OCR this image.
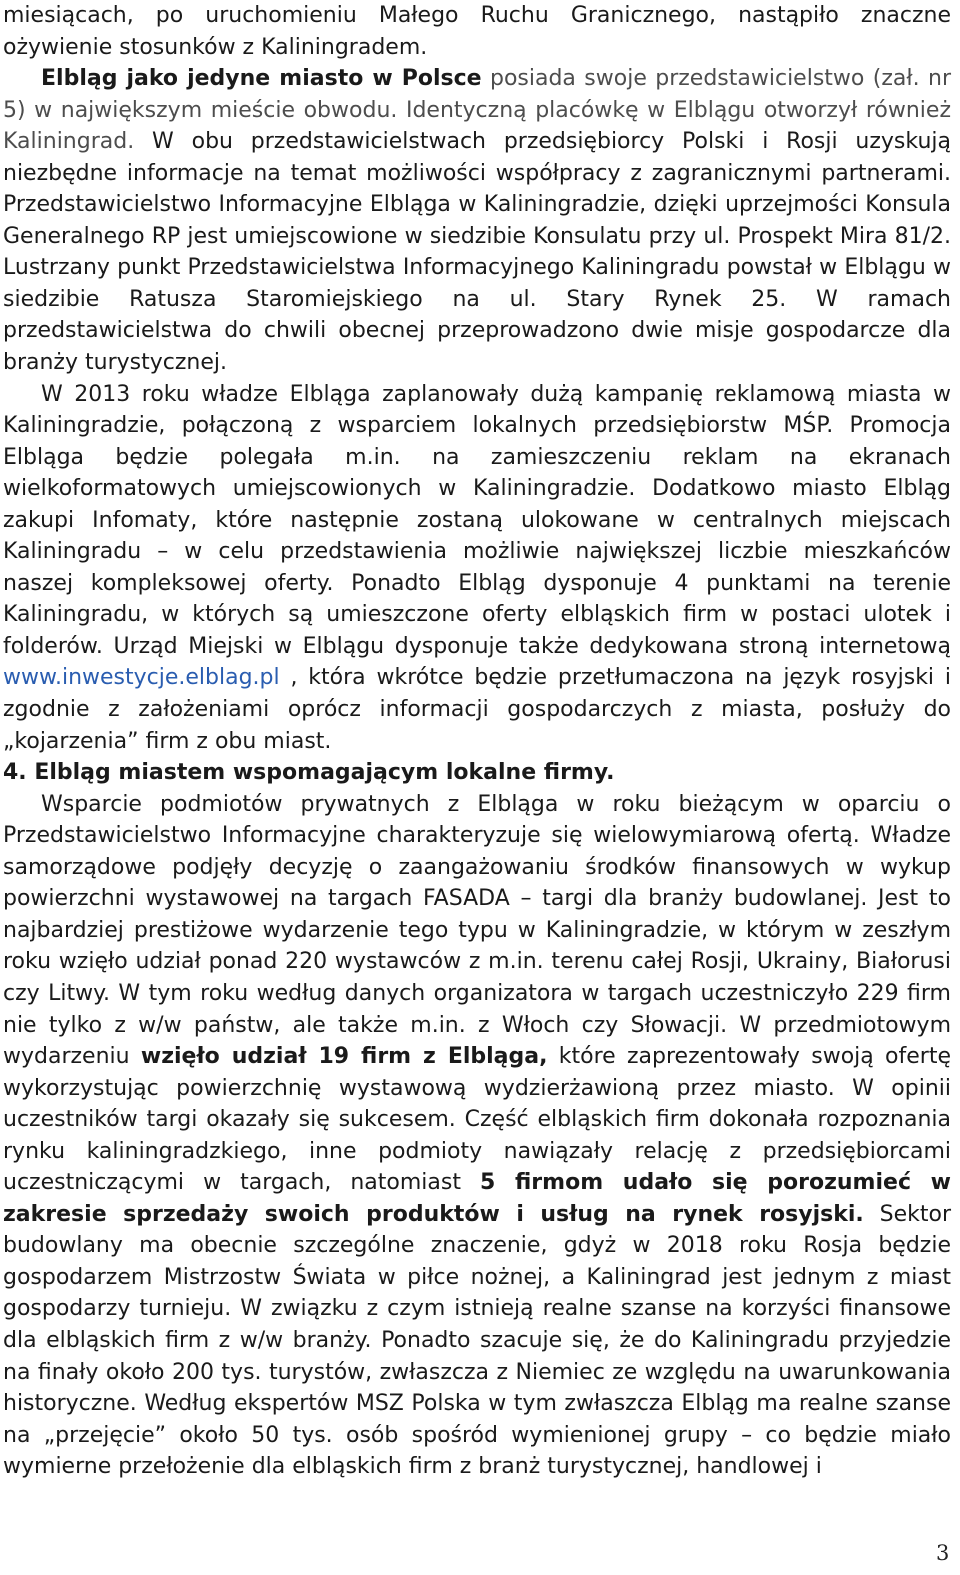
miesiącach, po uruchomieniu Małego Ruchu Granicznego, nastąpiło znaczne ożywienie stosunków z Kaliningradem.

Elbląg jako jedyne miasto w Polsce posiada swoje przedstawicielstwo (zał. nr 5) w największym mieście obwodu. Identyczną placówkę w Elblągu otworzył również Kaliningrad. W obu przedstawicielstwach przedsiębiorcy Polski i Rosji uzyskują niezbędne informacje na temat możliwości współpracy z zagranicznymi partnerami. Przedstawicielstwo Informacyjne Elbląga w Kaliningradzie, dzięki uprzejmości Konsula Generalnego RP jest umiejscowione w siedzibie Konsulatu przy ul. Prospekt Mira 81/2. Lustrzany punkt Przedstawicielstwa Informacyjnego Kaliningradu powstał w Elblągu w siedzibie Ratusza Staromiejskiego na ul. Stary Rynek 25. W ramach przedstawicielstwa do chwili obecnej przeprowadzono dwie misje gospodarcze dla branży turystycznej.

W 2013 roku władze Elbląga zaplanowały dużą kampanię reklamową miasta w Kaliningradzie, połączoną z wsparciem lokalnych przedsiębiorstw MŚP. Promocja Elbląga będzie polegała m.in. na zamieszczeniu reklam na ekranach wielkoformatowych umiejscowionych w Kaliningradzie. Dodatkowo miasto Elbląg zakupi Infomaty, które następnie zostaną ulokowane w centralnych miejscach Kaliningradu – w celu przedstawienia możliwie największej liczbie mieszkańców naszej kompleksowej oferty. Ponadto Elbląg dysponuje 4 punktami na terenie Kaliningradu, w których są umieszczone oferty elbląskich firm w postaci ulotek i folderów. Urząd Miejski w Elblągu dysponuje także dedykowana stroną internetową www.inwestycje.elblag.pl , która wkrótce będzie przetłumaczona na język rosyjski i zgodnie z założeniami oprócz informacji gospodarczych z miasta, posłuży do „kojarzenia” firm z obu miast.

4. Elbląg miastem wspomagającym lokalne firmy.

Wsparcie podmiotów prywatnych z Elbląga w roku bieżącym w oparciu o Przedstawicielstwo Informacyjne charakteryzuje się wielowymiarową ofertą. Władze samorządowe podjęły decyzję o zaangażowaniu środków finansowych w wykup powierzchni wystawowej na targach FASADA – targi dla branży budowlanej. Jest to najbardziej prestiżowe wydarzenie tego typu w Kaliningradzie, w którym w zeszłym roku wzięło udział ponad 220 wystawców z m.in. terenu całej Rosji, Ukrainy, Białorusi czy Litwy. W tym roku według danych organizatora w targach uczestniczyło 229 firm nie tylko z w/w państw, ale także m.in. z Włoch czy Słowacji. W przedmiotowym wydarzeniu wzięło udział 19 firm z Elbląga, które zaprezentowały swoją ofertę wykorzystując powierzchnię wystawową wydzierżawioną przez miasto. W opinii uczestników targi okazały się sukcesem. Część elbląskich firm dokonała rozpoznania rynku kaliningradzkiego, inne podmioty nawiązały relację z przedsiębiorcami uczestniczącymi w targach, natomiast 5 firmom udało się porozumieć w zakresie sprzedaży swoich produktów i usług na rynek rosyjski. Sektor budowlany ma obecnie szczególne znaczenie, gdyż w 2018 roku Rosja będzie gospodarzem Mistrzostw Świata w piłce nożnej, a Kaliningrad jest jednym z miast gospodarzy turnieju. W związku z czym istnieją realne szanse na korzyści finansowe dla elbląskich firm z w/w branży. Ponadto szacuje się, że do Kaliningradu przyjedzie na finały około 200 tys. turystów, zwłaszcza z Niemiec ze względu na uwarunkowania historyczne. Według ekspertów MSZ Polska w tym zwłaszcza Elbląg ma realne szanse na „przejęcie” około 50 tys. osób spośród wymienionej grupy – co będzie miało wymierne przełożenie dla elbląskich firm z branż turystycznej, handlowej i

3
